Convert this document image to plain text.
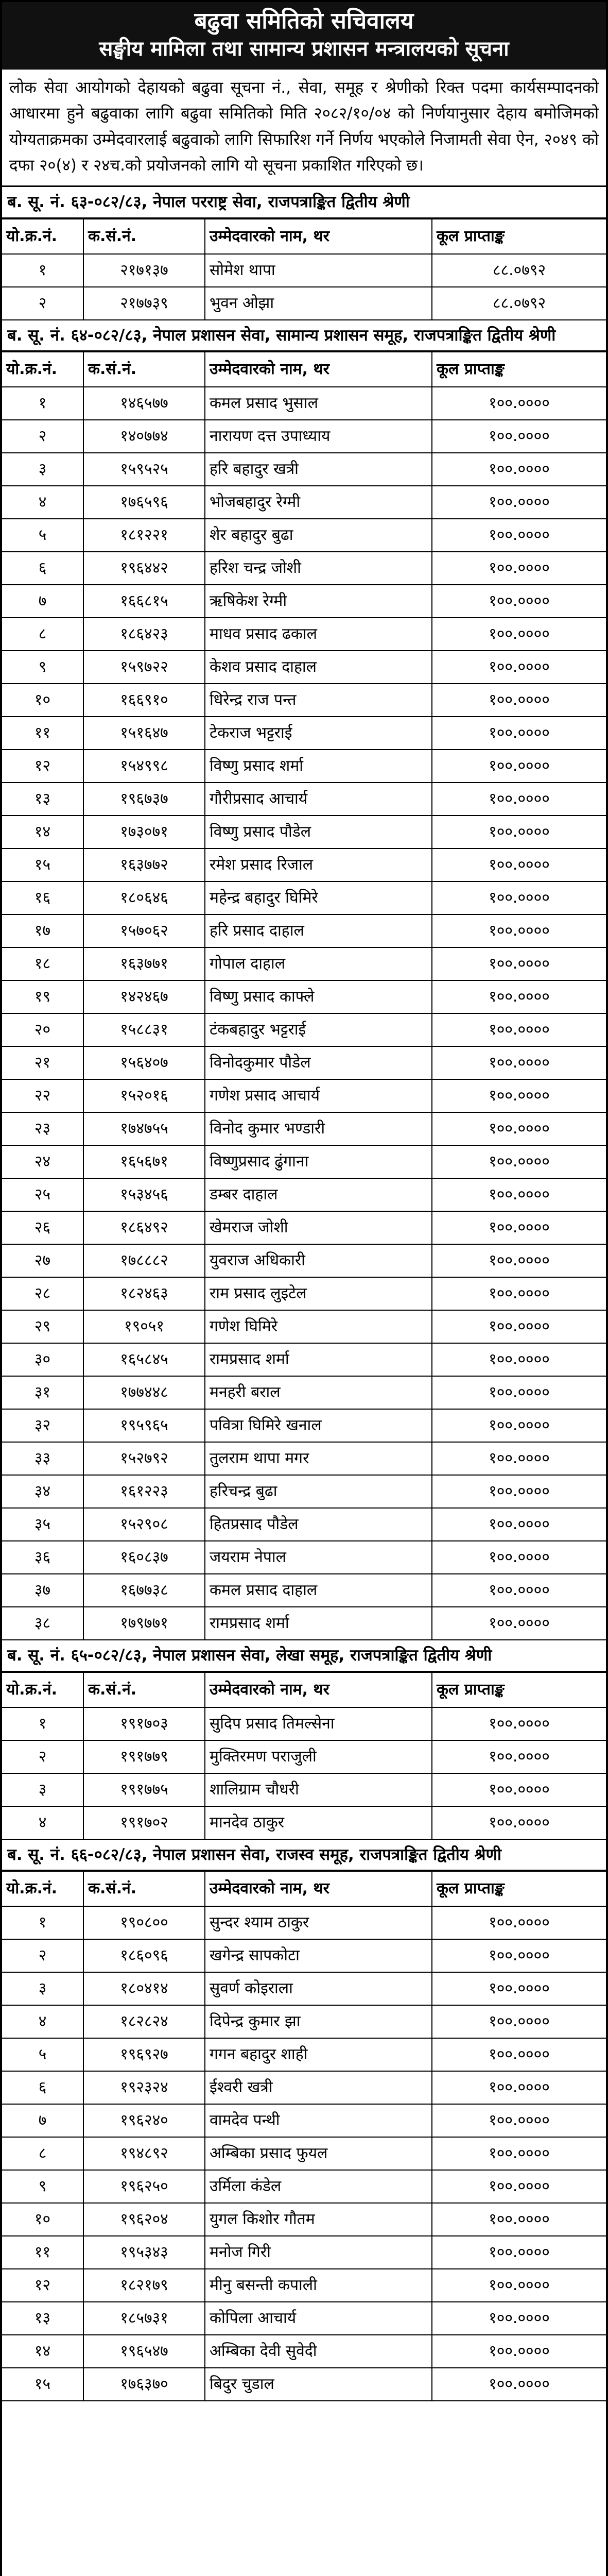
बढुवा समितिको सचिवालय
सङ्घीय मामिला तथा सामान्य प्रशासन मन्त्रालयको सूचना
लोक सेवा आयोगको देहायको बढुवा सूचना नं., सेवा, समूह र श्रेणीको रिक्त पदमा कार्यसम्पादनको आधारमा हुने बढुवाका लागि बढुवा समितिको मिति २०८२/१०/०४ को निर्णयानुसार देहाय बमोजिमको योग्यताक्रमका उम्मेदवारलाई बढुवाको लागि सिफारिश गर्ने निर्णय भएकोले निजामती सेवा ऐन, २०४९ को दफा २०(४) र २४च.को प्रयोजनको लागि यो सूचना प्रकाशित गरिएको छ।
ब. सू. नं. ६३-०८२/८३, नेपाल परराष्ट्र सेवा, राजपत्राङ्कित द्वितीय श्रेणी
यो.क्र.नं.	क.सं.नं.	उम्मेदवारको नाम, थर	कूल प्राप्ताङ्क
१	२१७१३७	सोमेश थापा	८८.०७९२
२	२१७७३९	भुवन ओझा	८८.०७९२
ब. सू. नं. ६४-०८२/८३, नेपाल प्रशासन सेवा, सामान्य प्रशासन समूह, राजपत्राङ्कित द्वितीय श्रेणी
यो.क्र.नं.	क.सं.नं.	उम्मेदवारको नाम, थर	कूल प्राप्ताङ्क
१	१४६५७७	कमल प्रसाद भुसाल	१००.००००
२	१४०७७४	नारायण दत्त उपाध्याय	१००.००००
३	१५९५२५	हरि बहादुर खत्री	१००.००००
४	१७६५९६	भोजबहादुर रेग्मी	१००.००००
५	१८१२२१	शेर बहादुर बुढा	१००.००००
६	१९६४४२	हरिश चन्द्र जोशी	१००.००००
७	१६६८१५	ऋषिकेश रेग्मी	१००.००००
८	१८६४२३	माधव प्रसाद ढकाल	१००.००००
९	१५९७२२	केशव प्रसाद दाहाल	१००.००००
१०	१६६९१०	धिरेन्द्र राज पन्त	१००.००००
११	१५१६४७	टेकराज भट्टराई	१००.००००
१२	१५४९९८	विष्णु प्रसाद शर्मा	१००.००००
१३	१९६७३७	गौरीप्रसाद आचार्य	१००.००००
१४	१७३०७१	विष्णु प्रसाद पौडेल	१००.००००
१५	१६३७७२	रमेश प्रसाद रिजाल	१००.००००
१६	१८०६४६	महेन्द्र बहादुर घिमिरे	१००.००००
१७	१५७०६२	हरि प्रसाद दाहाल	१००.००००
१८	१६३७७१	गोपाल दाहाल	१००.००००
१९	१४२४६७	विष्णु प्रसाद काफ्ले	१००.००००
२०	१५८८३१	टंकबहादुर भट्टराई	१००.००००
२१	१५६४०७	विनोदकुमार पौडेल	१००.००००
२२	१५२०१६	गणेश प्रसाद आचार्य	१००.००००
२३	१७४७५५	विनोद कुमार भण्डारी	१००.००००
२४	१६५६७१	विष्णुप्रसाद ढुंगाना	१००.००००
२५	१५३४५६	डम्बर दाहाल	१००.००००
२६	१८६४९२	खेमराज जोशी	१००.००००
२७	१७८८८२	युवराज अधिकारी	१००.००००
२८	१८२४६३	राम प्रसाद लुइटेल	१००.००००
२९	१९०५१	गणेश घिमिरे	१००.००००
३०	१६५८४५	रामप्रसाद शर्मा	१००.००००
३१	१७७४४८	मनहरी बराल	१००.००००
३२	१९५९६५	पवित्रा घिमिरे खनाल	१००.००००
३३	१५२७९२	तुलराम थापा मगर	१००.००००
३४	१६१२२३	हरिचन्द्र बुढा	१००.००००
३५	१५२९०८	हितप्रसाद पौडेल	१००.००००
३६	१६०८३७	जयराम नेपाल	१००.००००
३७	१६७७३८	कमल प्रसाद दाहाल	१००.००००
३८	१७९७७१	रामप्रसाद शर्मा	१००.००००
ब. सू. नं. ६५-०८२/८३, नेपाल प्रशासन सेवा, लेखा समूह, राजपत्राङ्कित द्वितीय श्रेणी
यो.क्र.नं.	क.सं.नं.	उम्मेदवारको नाम, थर	कूल प्राप्ताङ्क
१	१९१७०३	सुदिप प्रसाद तिमल्सेना	१००.००००
२	१९१७७९	मुक्तिरमण पराजुली	१००.००००
३	१९१७७५	शालिग्राम चौधरी	१००.००००
४	१९१७०२	मानदेव ठाकुर	१००.००००
ब. सू. नं. ६६-०८२/८३, नेपाल प्रशासन सेवा, राजस्व समूह, राजपत्राङ्कित द्वितीय श्रेणी
यो.क्र.नं.	क.सं.नं.	उम्मेदवारको नाम, थर	कूल प्राप्ताङ्क
१	१९०८००	सुन्दर श्याम ठाकुर	१००.००००
२	१८६०९६	खगेन्द्र सापकोटा	१००.००००
३	१८०४१४	सुवर्ण कोइराला	१००.००००
४	१८२८२४	दिपेन्द्र कुमार झा	१००.००००
५	१९६९२७	गगन बहादुर शाही	१००.००००
६	१९२३२४	ईश्वरी खत्री	१००.००००
७	१९६२४०	वामदेव पन्थी	१००.००००
८	१९४८९२	अम्बिका प्रसाद फुयल	१००.००००
९	१९६२५०	उर्मिला कंडेल	१००.००००
१०	१९६२०४	युगल किशोर गौतम	१००.००००
११	१९५३४३	मनोज गिरी	१००.००००
१२	१८२१७९	मीनु बसन्ती कपाली	१००.००००
१३	१८५७३१	कोपिला आचार्य	१००.००००
१४	१९६५४७	अम्बिका देवी सुवेदी	१००.००००
१५	१७६३७०	बिदुर चुडाल	१००.००००
